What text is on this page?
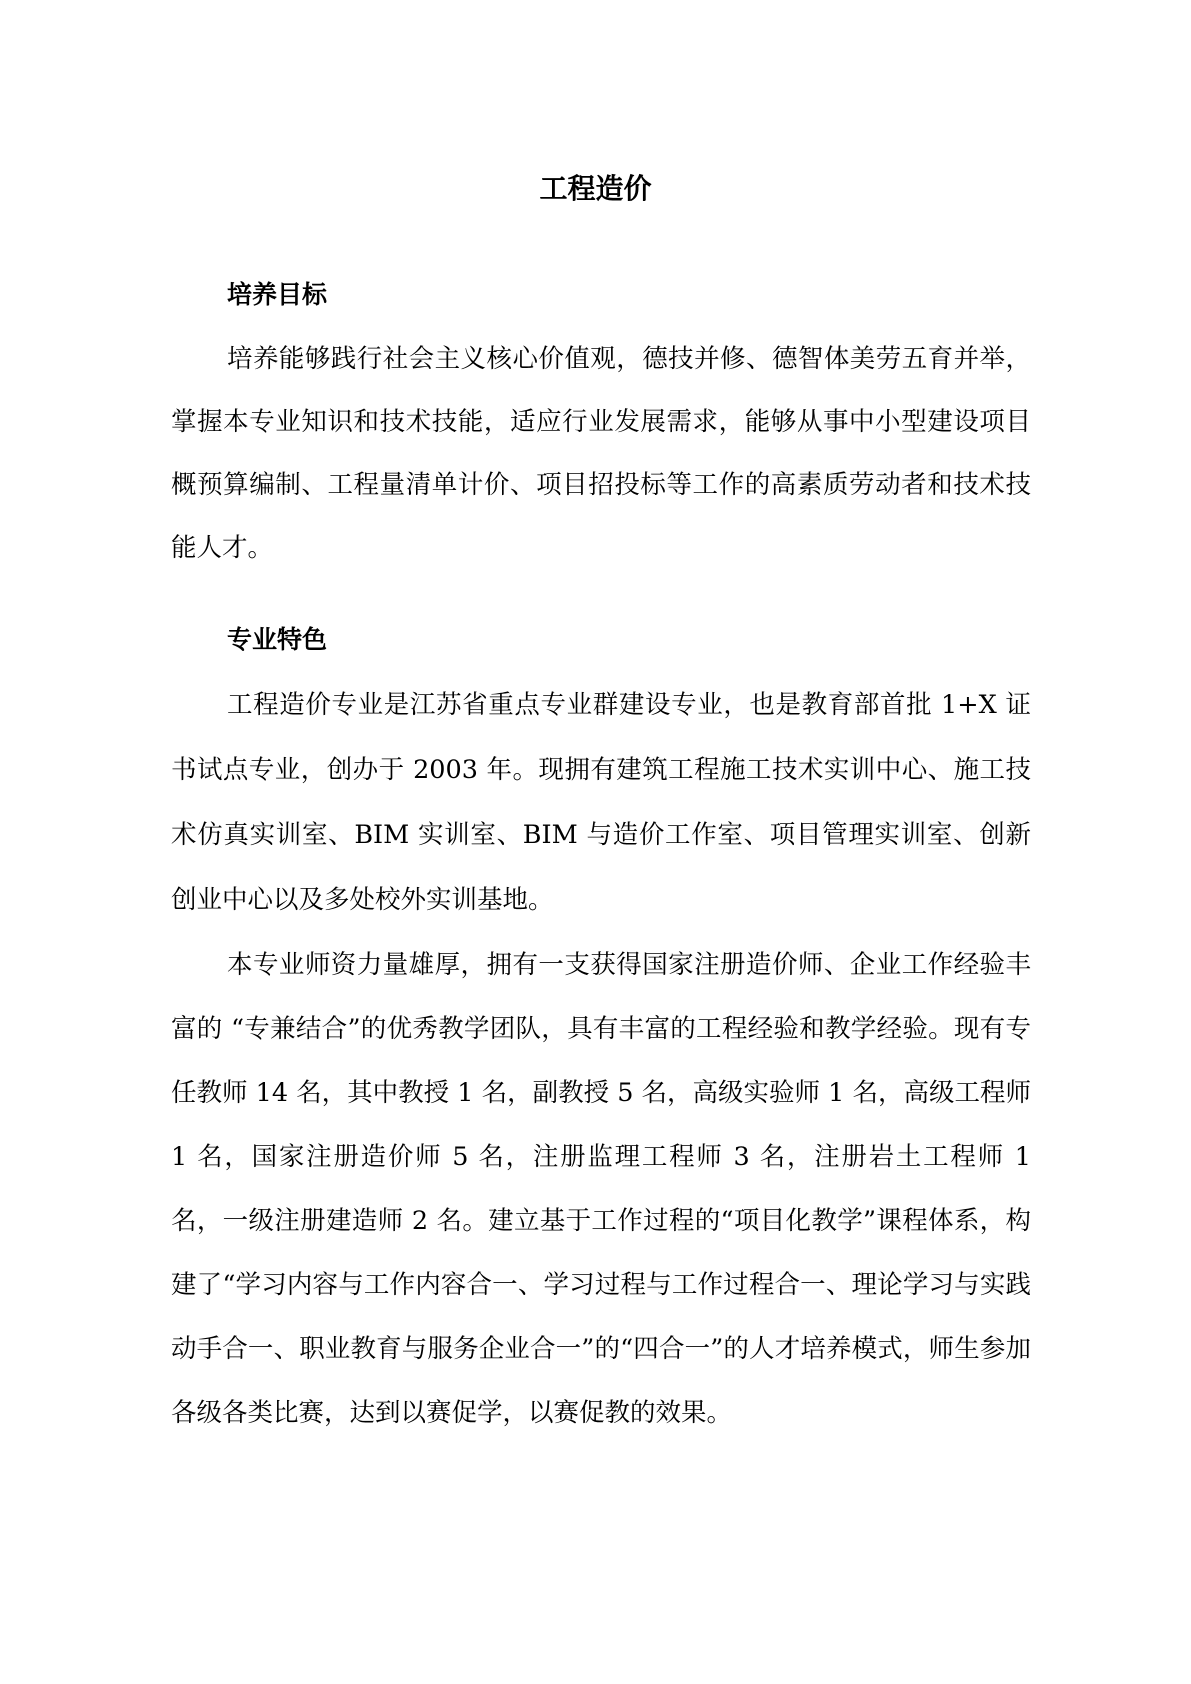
工程造价
培养目标

培养能够践行社会主义核心价值观，德技并修、德智体美劳五育并举，掌握本专业知识和技术技能，适应行业发展需求，能够从事中小型建设项目概预算编制、工程量清单计价、项目招投标等工作的高素质劳动者和技术技能人才。

专业特色

工程造价专业是江苏省重点专业群建设专业，也是教育部首批 1+X 证书试点专业，创办于 2003 年。现拥有建筑工程施工技术实训中心、施工技术仿真实训室、BIM 实训室、BIM 与造价工作室、项目管理实训室、创新创业中心以及多处校外实训基地。

本专业师资力量雄厚，拥有一支获得国家注册造价师、企业工作经验丰富的 “专兼结合”的优秀教学团队，具有丰富的工程经验和教学经验。现有专任教师 14 名，其中教授 1 名，副教授 5 名，高级实验师 1 名，高级工程师 1 名，国家注册造价师 5 名，注册监理工程师 3 名，注册岩土工程师 1 名，一级注册建造师 2 名。建立基于工作过程的“项目化教学”课程体系，构建了“学习内容与工作内容合一、学习过程与工作过程合一、理论学习与实践动手合一、职业教育与服务企业合一”的“四合一”的人才培养模式，师生参加各级各类比赛，达到以赛促学，以赛促教的效果。
